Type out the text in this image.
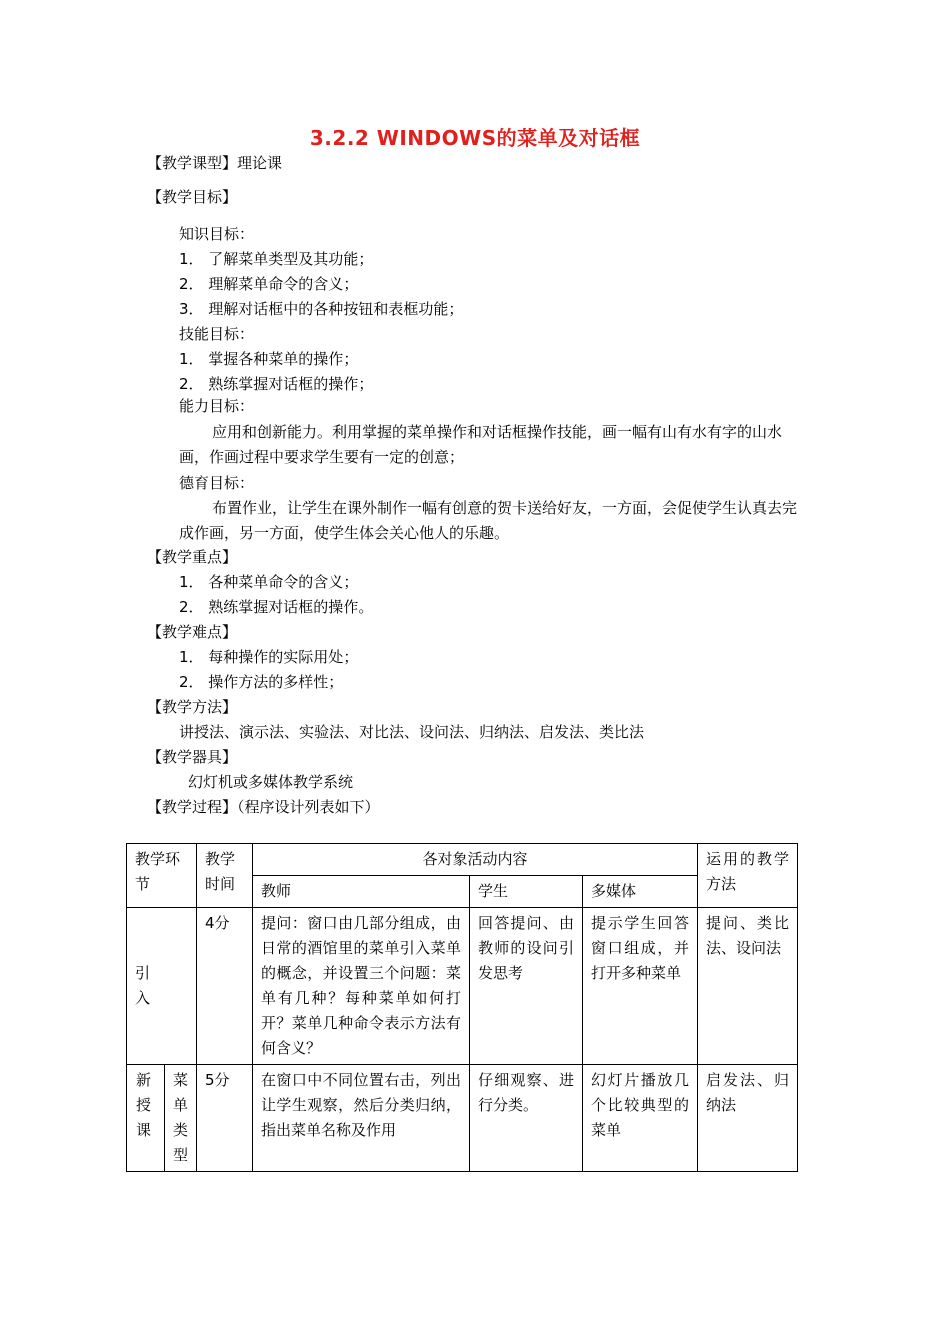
3.2.2 WINDOWS的菜单及对话框
【教学课型】理论课
【教学目标】
知识目标：
1． 了解菜单类型及其功能；
2． 理解菜单命令的含义；
3． 理解对话框中的各种按钮和表框功能；
技能目标：
1． 掌握各种菜单的操作；
2． 熟练掌握对话框的操作；
能力目标：
应用和创新能力。利用掌握的菜单操作和对话框操作技能，画一幅有山有水有字的山水画，作画过程中要求学生要有一定的创意；
德育目标：
布置作业，让学生在课外制作一幅有创意的贺卡送给好友，一方面，会促使学生认真去完成作画，另一方面，使学生体会关心他人的乐趣。
【教学重点】
1． 各种菜单命令的含义；
2． 熟练掌握对话框的操作。
【教学难点】
1． 每种操作的实际用处；
2． 操作方法的多样性；
【教学方法】
讲授法、演示法、实验法、对比法、设问法、归纳法、启发法、类比法
【教学器具】
幻灯机或多媒体教学系统
【教学过程】（程序设计列表如下）
教学环节		教学时间	各对象活动内容			运用的教学方法
			教师	学生	多媒体	

引入		4分	提问：窗口由几部分组成，由日常的酒馆里的菜单引入菜单的概念，并设置三个问题：菜单有几种？每种菜单如何打开？菜单几种命令表示方法有何含义？	回答提问、由教师的设问引发思考	提示学生回答窗口组成，并打开多种菜单	提问、类比法、设问法
新授课	菜单类型	5分	在窗口中不同位置右击，列出让学生观察，然后分类归纳，指出菜单名称及作用	仔细观察、进行分类。	幻灯片播放几个比较典型的菜单	启发法、归纳法
